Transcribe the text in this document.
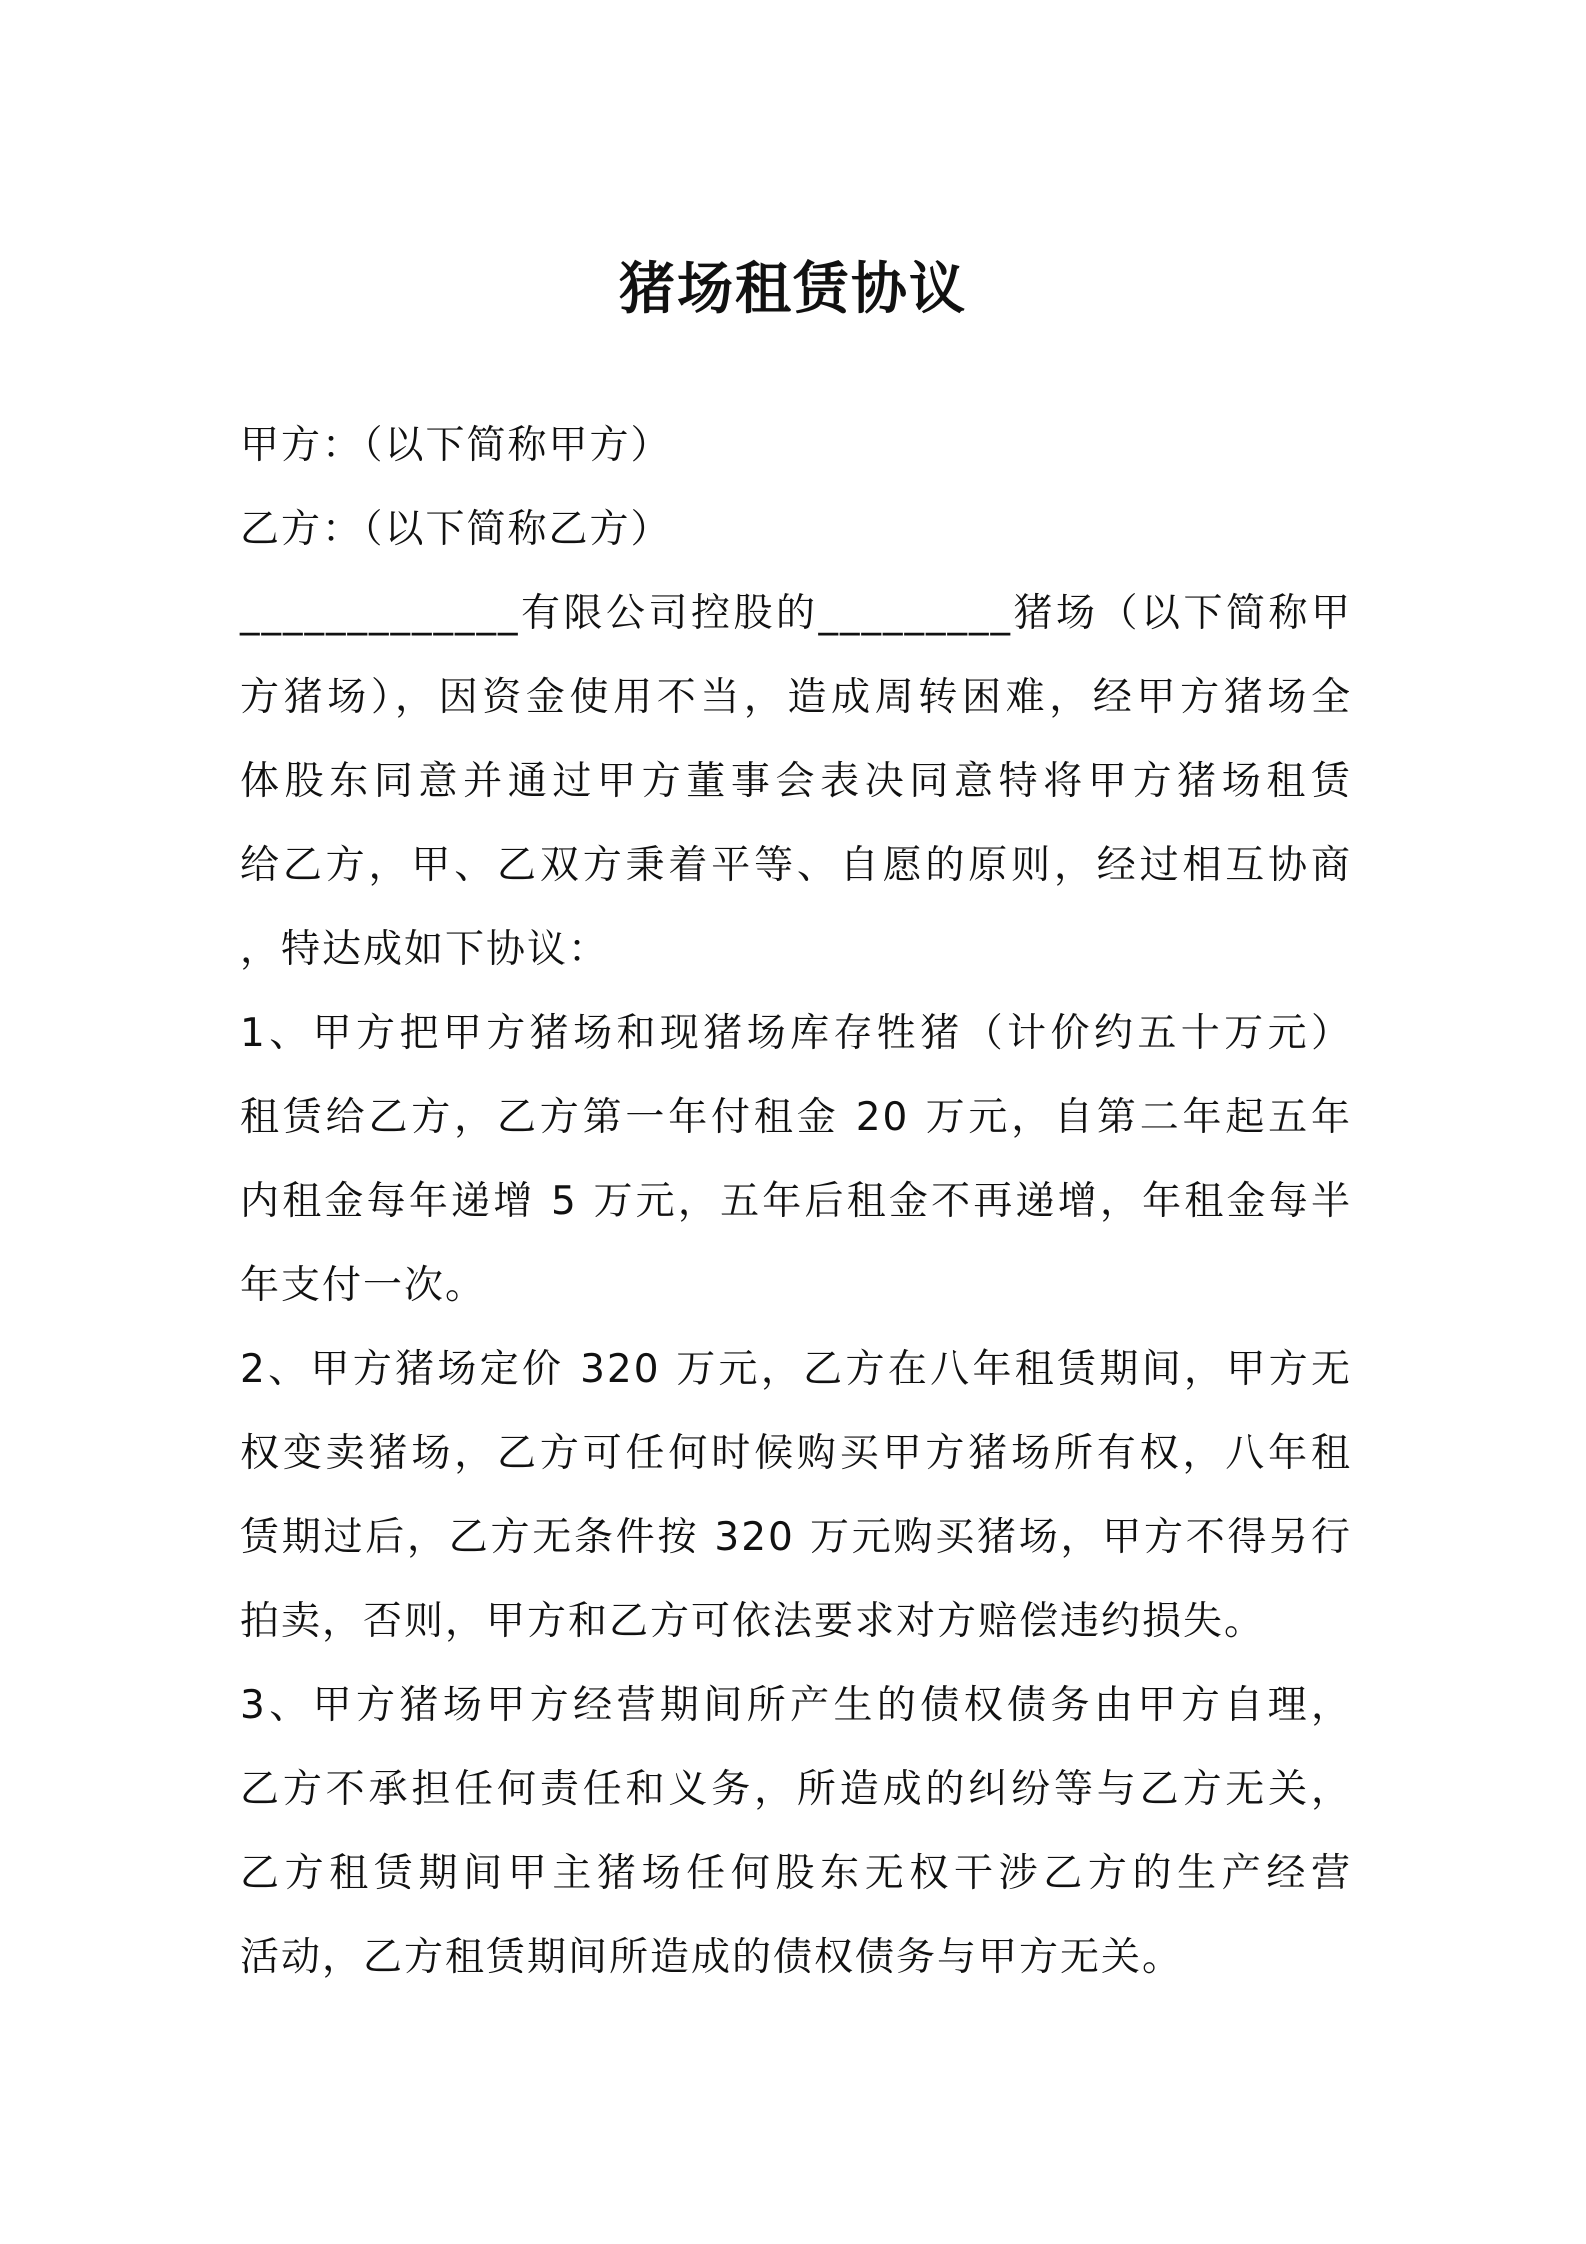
猪场租赁协议
甲方：（以下简称甲方）
乙方：（以下简称乙方）
_____________有限公司控股的_________猪场（以下简称甲
方猪场），因资金使用不当，造成周转困难，经甲方猪场全
体股东同意并通过甲方董事会表决同意特将甲方猪场租赁
给乙方，甲、乙双方秉着平等、自愿的原则，经过相互协商
，特达成如下协议：
1、甲方把甲方猪场和现猪场库存牲猪（计价约五十万元）
租赁给乙方，乙方第一年付租金 20 万元，自第二年起五年
内租金每年递增 5 万元，五年后租金不再递增，年租金每半
年支付一次。
2、甲方猪场定价 320 万元，乙方在八年租赁期间，甲方无
权变卖猪场，乙方可任何时候购买甲方猪场所有权，八年租
赁期过后，乙方无条件按 320 万元购买猪场，甲方不得另行
拍卖，否则，甲方和乙方可依法要求对方赔偿违约损失。
3、甲方猪场甲方经营期间所产生的债权债务由甲方自理，
乙方不承担任何责任和义务，所造成的纠纷等与乙方无关，
乙方租赁期间甲主猪场任何股东无权干涉乙方的生产经营
活动，乙方租赁期间所造成的债权债务与甲方无关。
